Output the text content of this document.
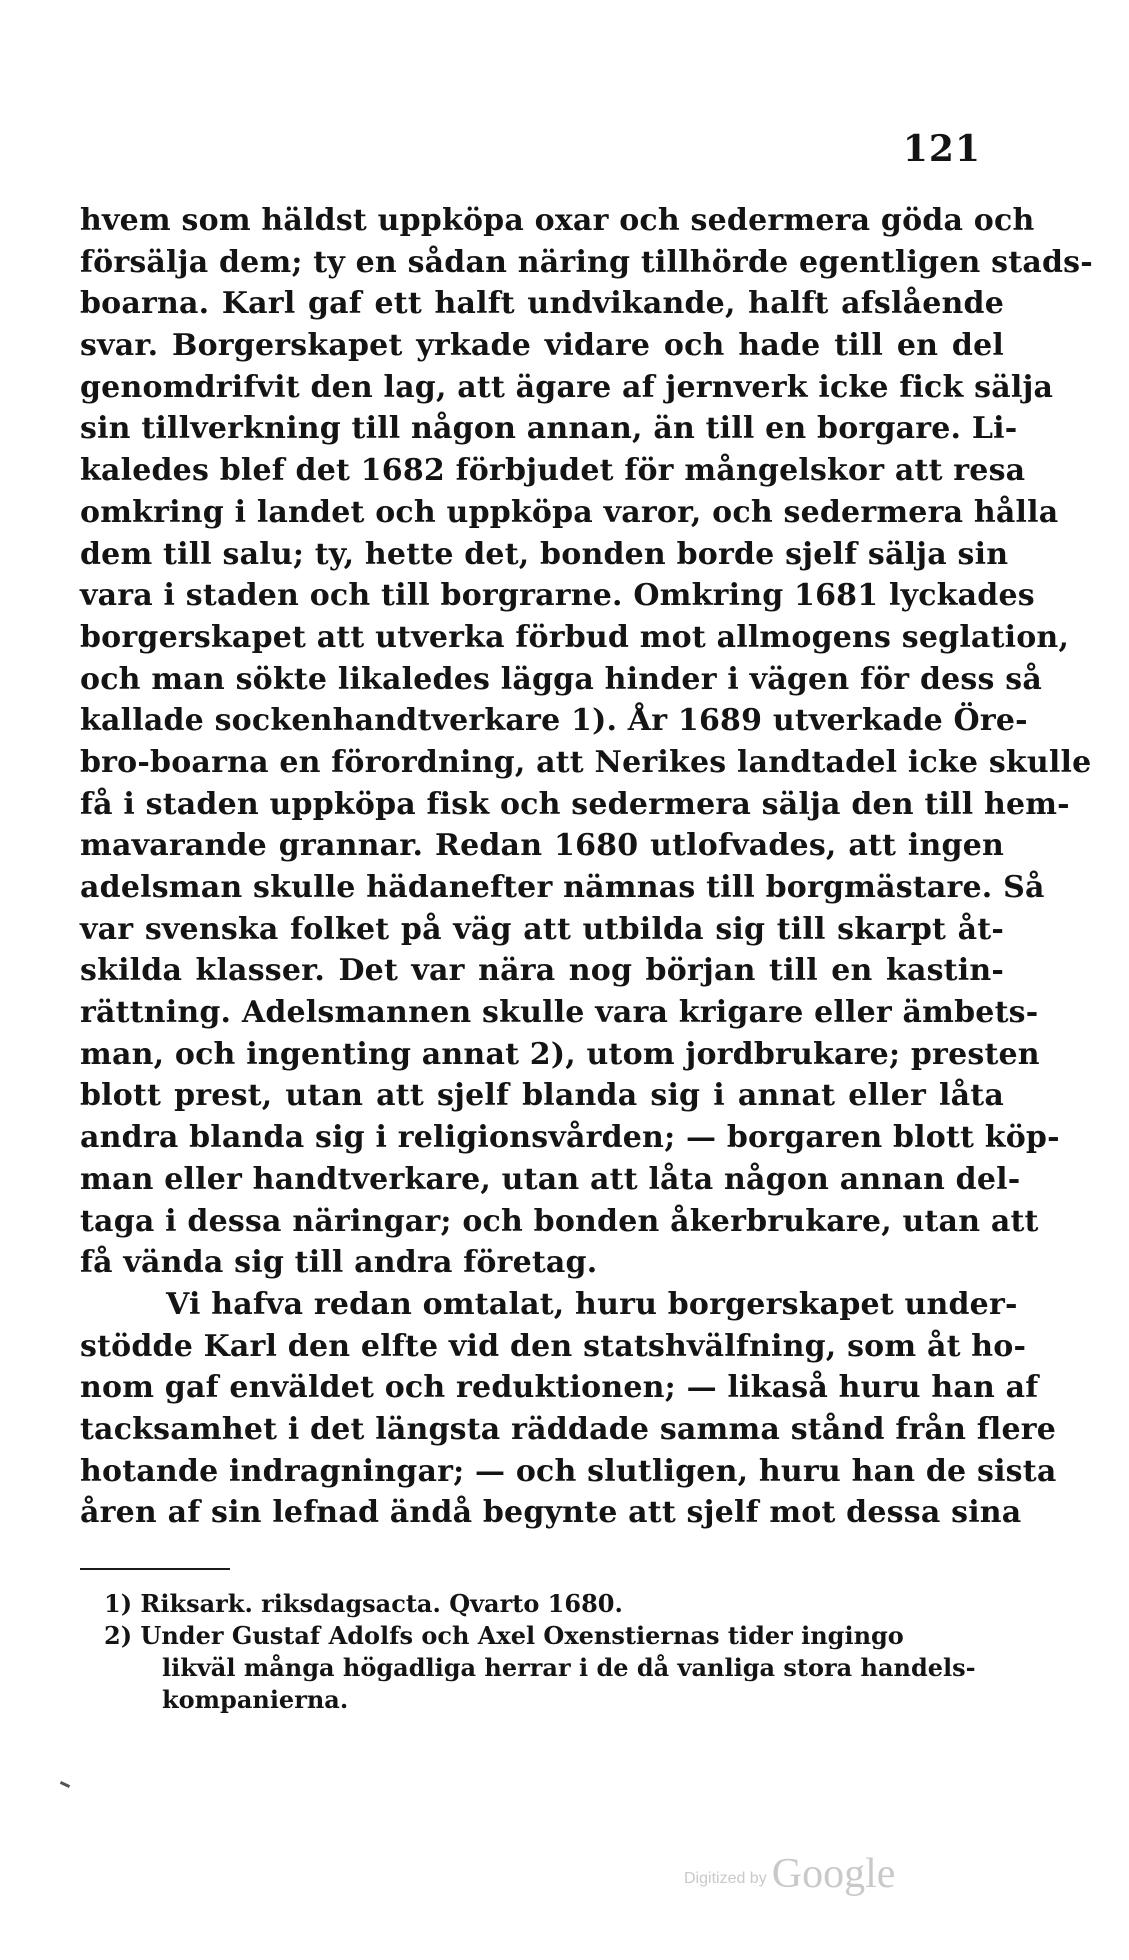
121
hvem som häldst uppköpa oxar och sedermera göda och
försälja dem; ty en sådan näring tillhörde egentligen stads-
boarna. Karl gaf ett halft undvikande, halft afslående
svar. Borgerskapet yrkade vidare och hade till en del
genomdrifvit den lag, att ägare af jernverk icke fick sälja
sin tillverkning till någon annan, än till en borgare. Li-
kaledes blef det 1682 förbjudet för mångelskor att resa
omkring i landet och uppköpa varor, och sedermera hålla
dem till salu; ty, hette det, bonden borde sjelf sälja sin
vara i staden och till borgrarne. Omkring 1681 lyckades
borgerskapet att utverka förbud mot allmogens seglation,
och man sökte likaledes lägga hinder i vägen för dess så
kallade sockenhandtverkare 1). År 1689 utverkade Öre-
bro-boarna en förordning, att Nerikes landtadel icke skulle
få i staden uppköpa fisk och sedermera sälja den till hem-
mavarande grannar. Redan 1680 utlofvades, att ingen
adelsman skulle hädanefter nämnas till borgmästare. Så
var svenska folket på väg att utbilda sig till skarpt åt-
skilda klasser. Det var nära nog början till en kastin-
rättning. Adelsmannen skulle vara krigare eller ämbets-
man, och ingenting annat 2), utom jordbrukare; presten
blott prest, utan att sjelf blanda sig i annat eller låta
andra blanda sig i religionsvården; — borgaren blott köp-
man eller handtverkare, utan att låta någon annan del-
taga i dessa näringar; och bonden åkerbrukare, utan att
få vända sig till andra företag.
Vi hafva redan omtalat, huru borgerskapet under-
stödde Karl den elfte vid den statshvälfning, som åt ho-
nom gaf enväldet och reduktionen; — likaså huru han af
tacksamhet i det längsta räddade samma stånd från flere
hotande indragningar; — och slutligen, huru han de sista
åren af sin lefnad ändå begynte att sjelf mot dessa sina
1) Riksark. riksdagsacta. Qvarto 1680.
2) Under Gustaf Adolfs och Axel Oxenstiernas tider ingingo
likväl många högadliga herrar i de då vanliga stora handels-
kompanierna.
Digitized by Google
